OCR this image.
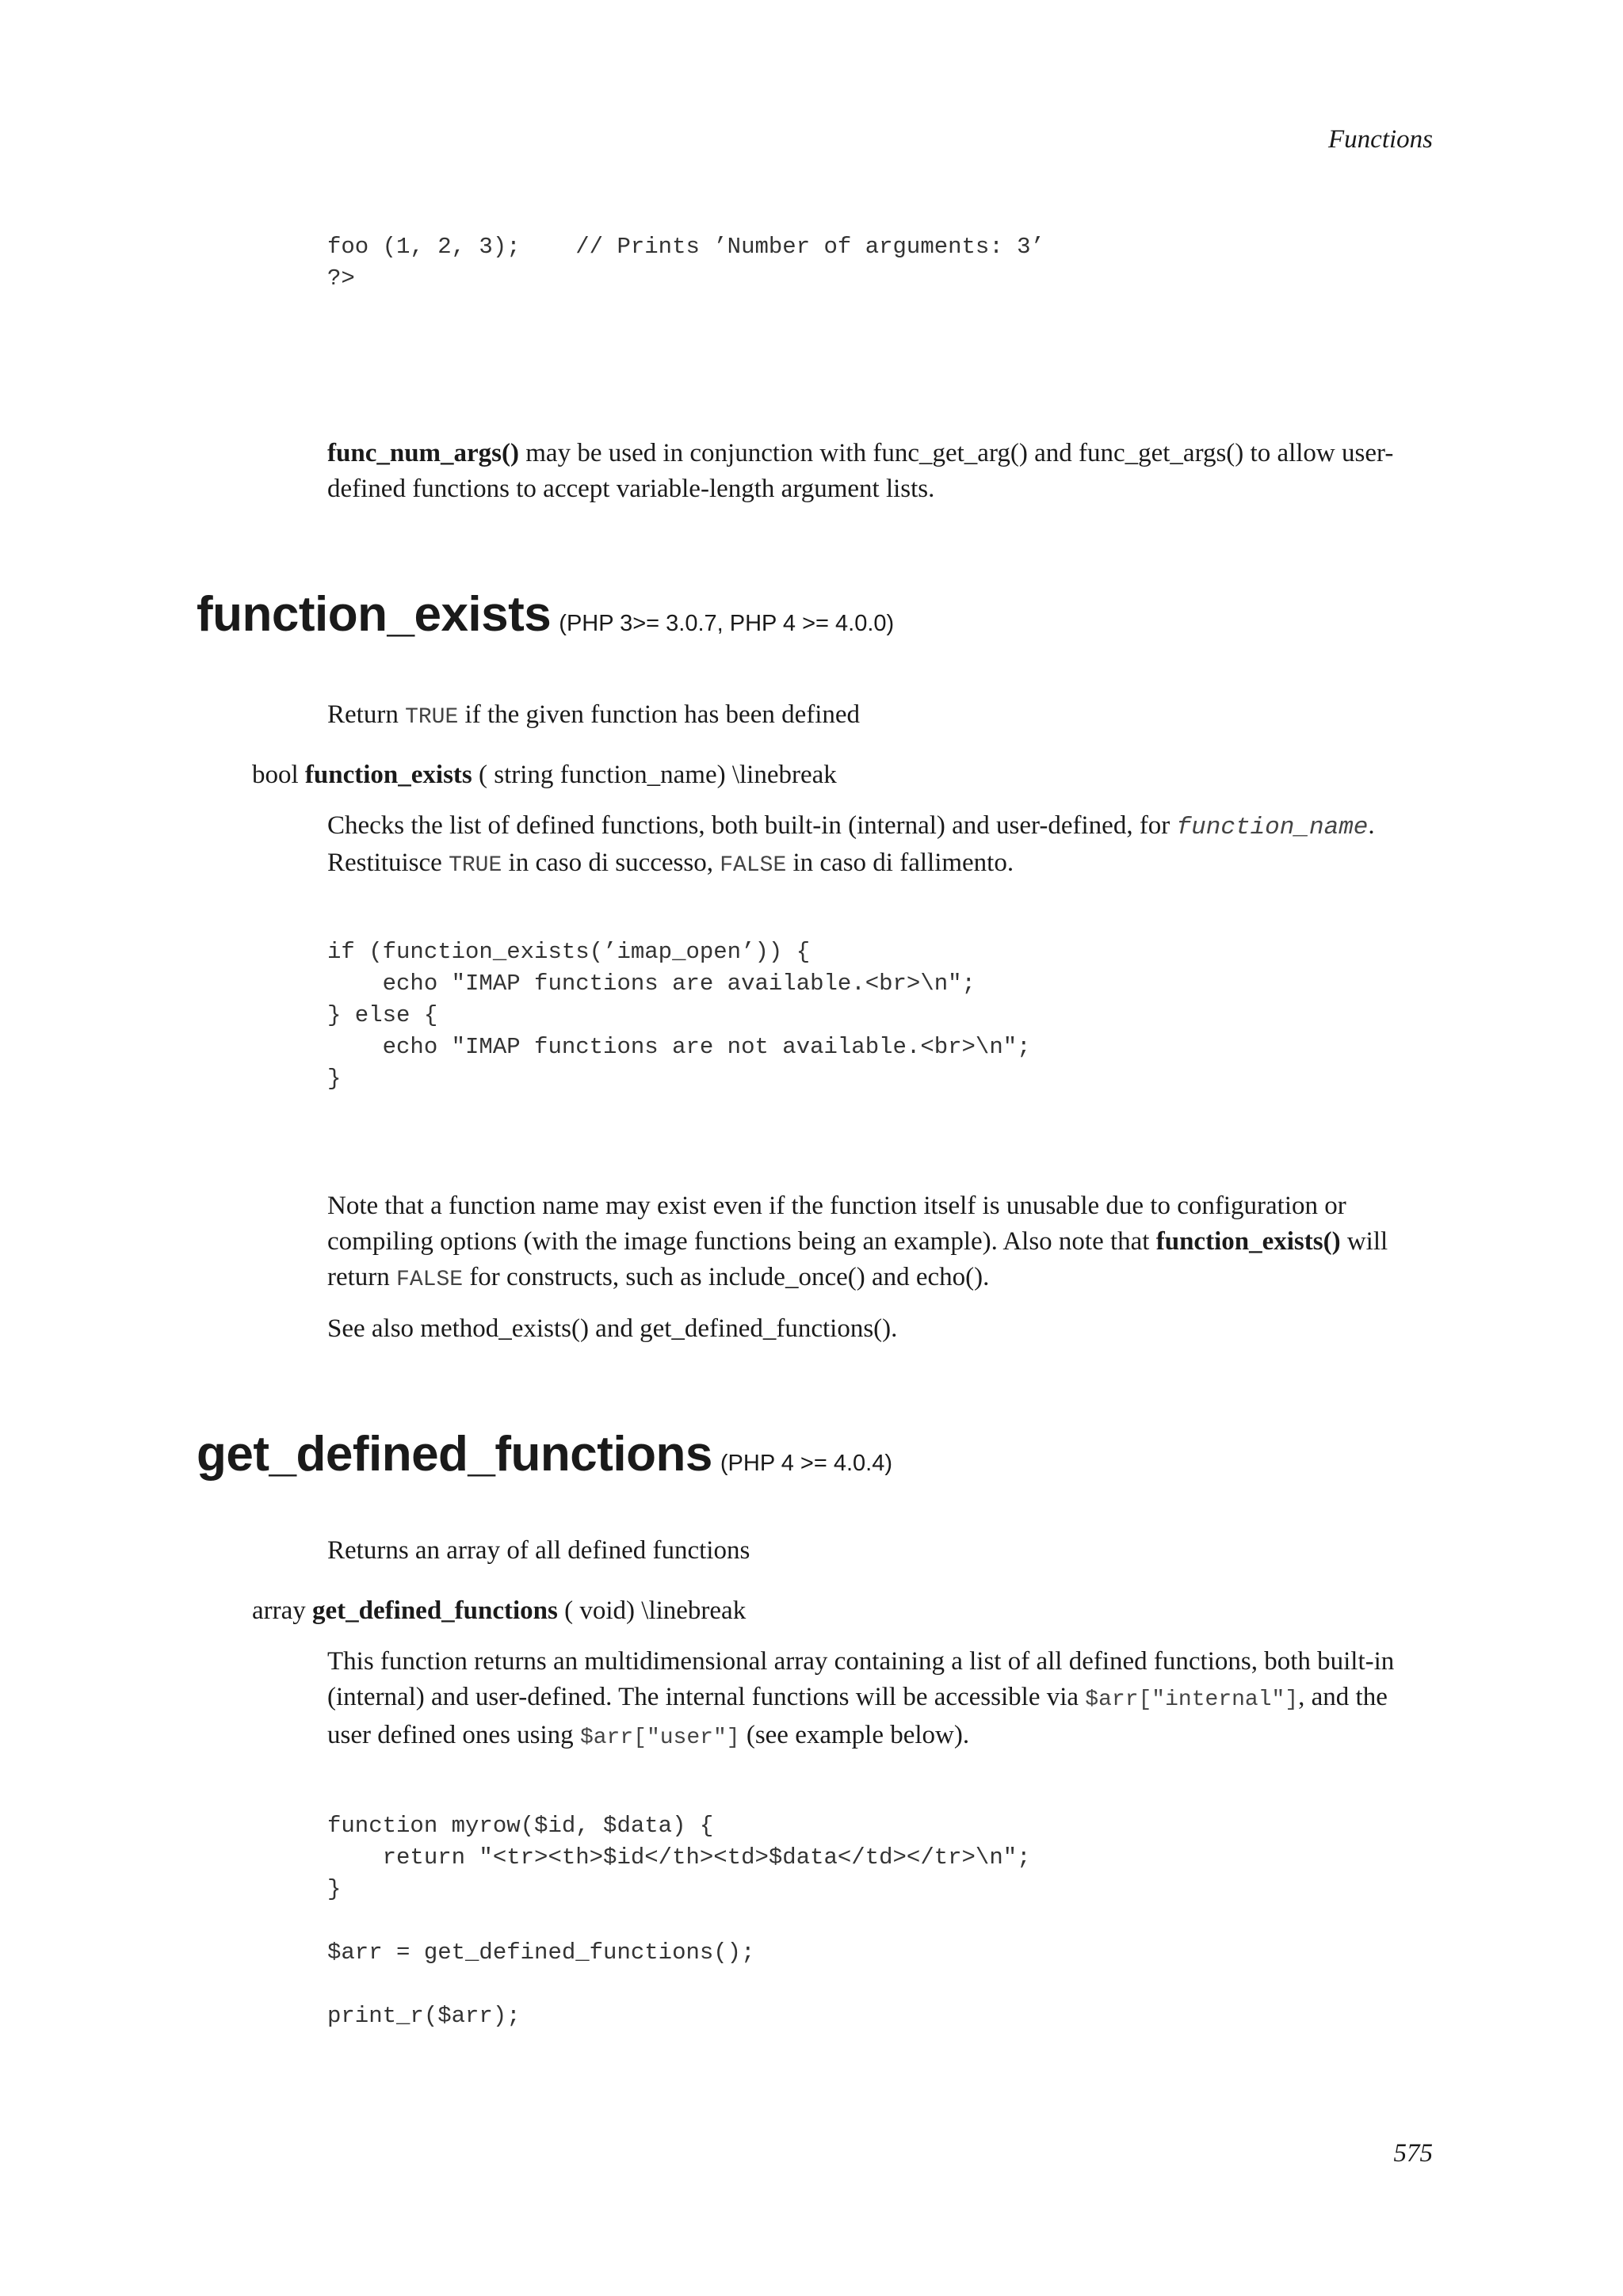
Functions
foo (1, 2, 3);    // Prints ’Number of arguments: 3’
?>

func_num_args() may be used in conjunction with func_get_arg() and func_get_args() to allow user-defined functions to accept variable-length argument lists.

function_exists (PHP 3>= 3.0.7, PHP 4 >= 4.0.0)

Return TRUE if the given function has been defined

bool function_exists ( string function_name) \linebreak

Checks the list of defined functions, both built-in (internal) and user-defined, for function_name. Restituisce TRUE in caso di successo, FALSE in caso di fallimento.

if (function_exists(’imap_open’)) {
echo "IMAP functions are available.<br>\n";
} else {
echo "IMAP functions are not available.<br>\n";
}

Note that a function name may exist even if the function itself is unusable due to configuration or compiling options (with the image functions being an example). Also note that function_exists() will return FALSE for constructs, such as include_once() and echo().

See also method_exists() and get_defined_functions().

get_defined_functions (PHP 4 >= 4.0.4)

Returns an array of all defined functions

array get_defined_functions ( void) \linebreak

This function returns an multidimensional array containing a list of all defined functions, both built-in (internal) and user-defined. The internal functions will be accessible via $arr["internal"], and the user defined ones using $arr["user"] (see example below).

function myrow($id, $data) {
return "<tr><th>$id</th><td>$data</td></tr>\n";
}

$arr = get_defined_functions();

print_r($arr);
575
